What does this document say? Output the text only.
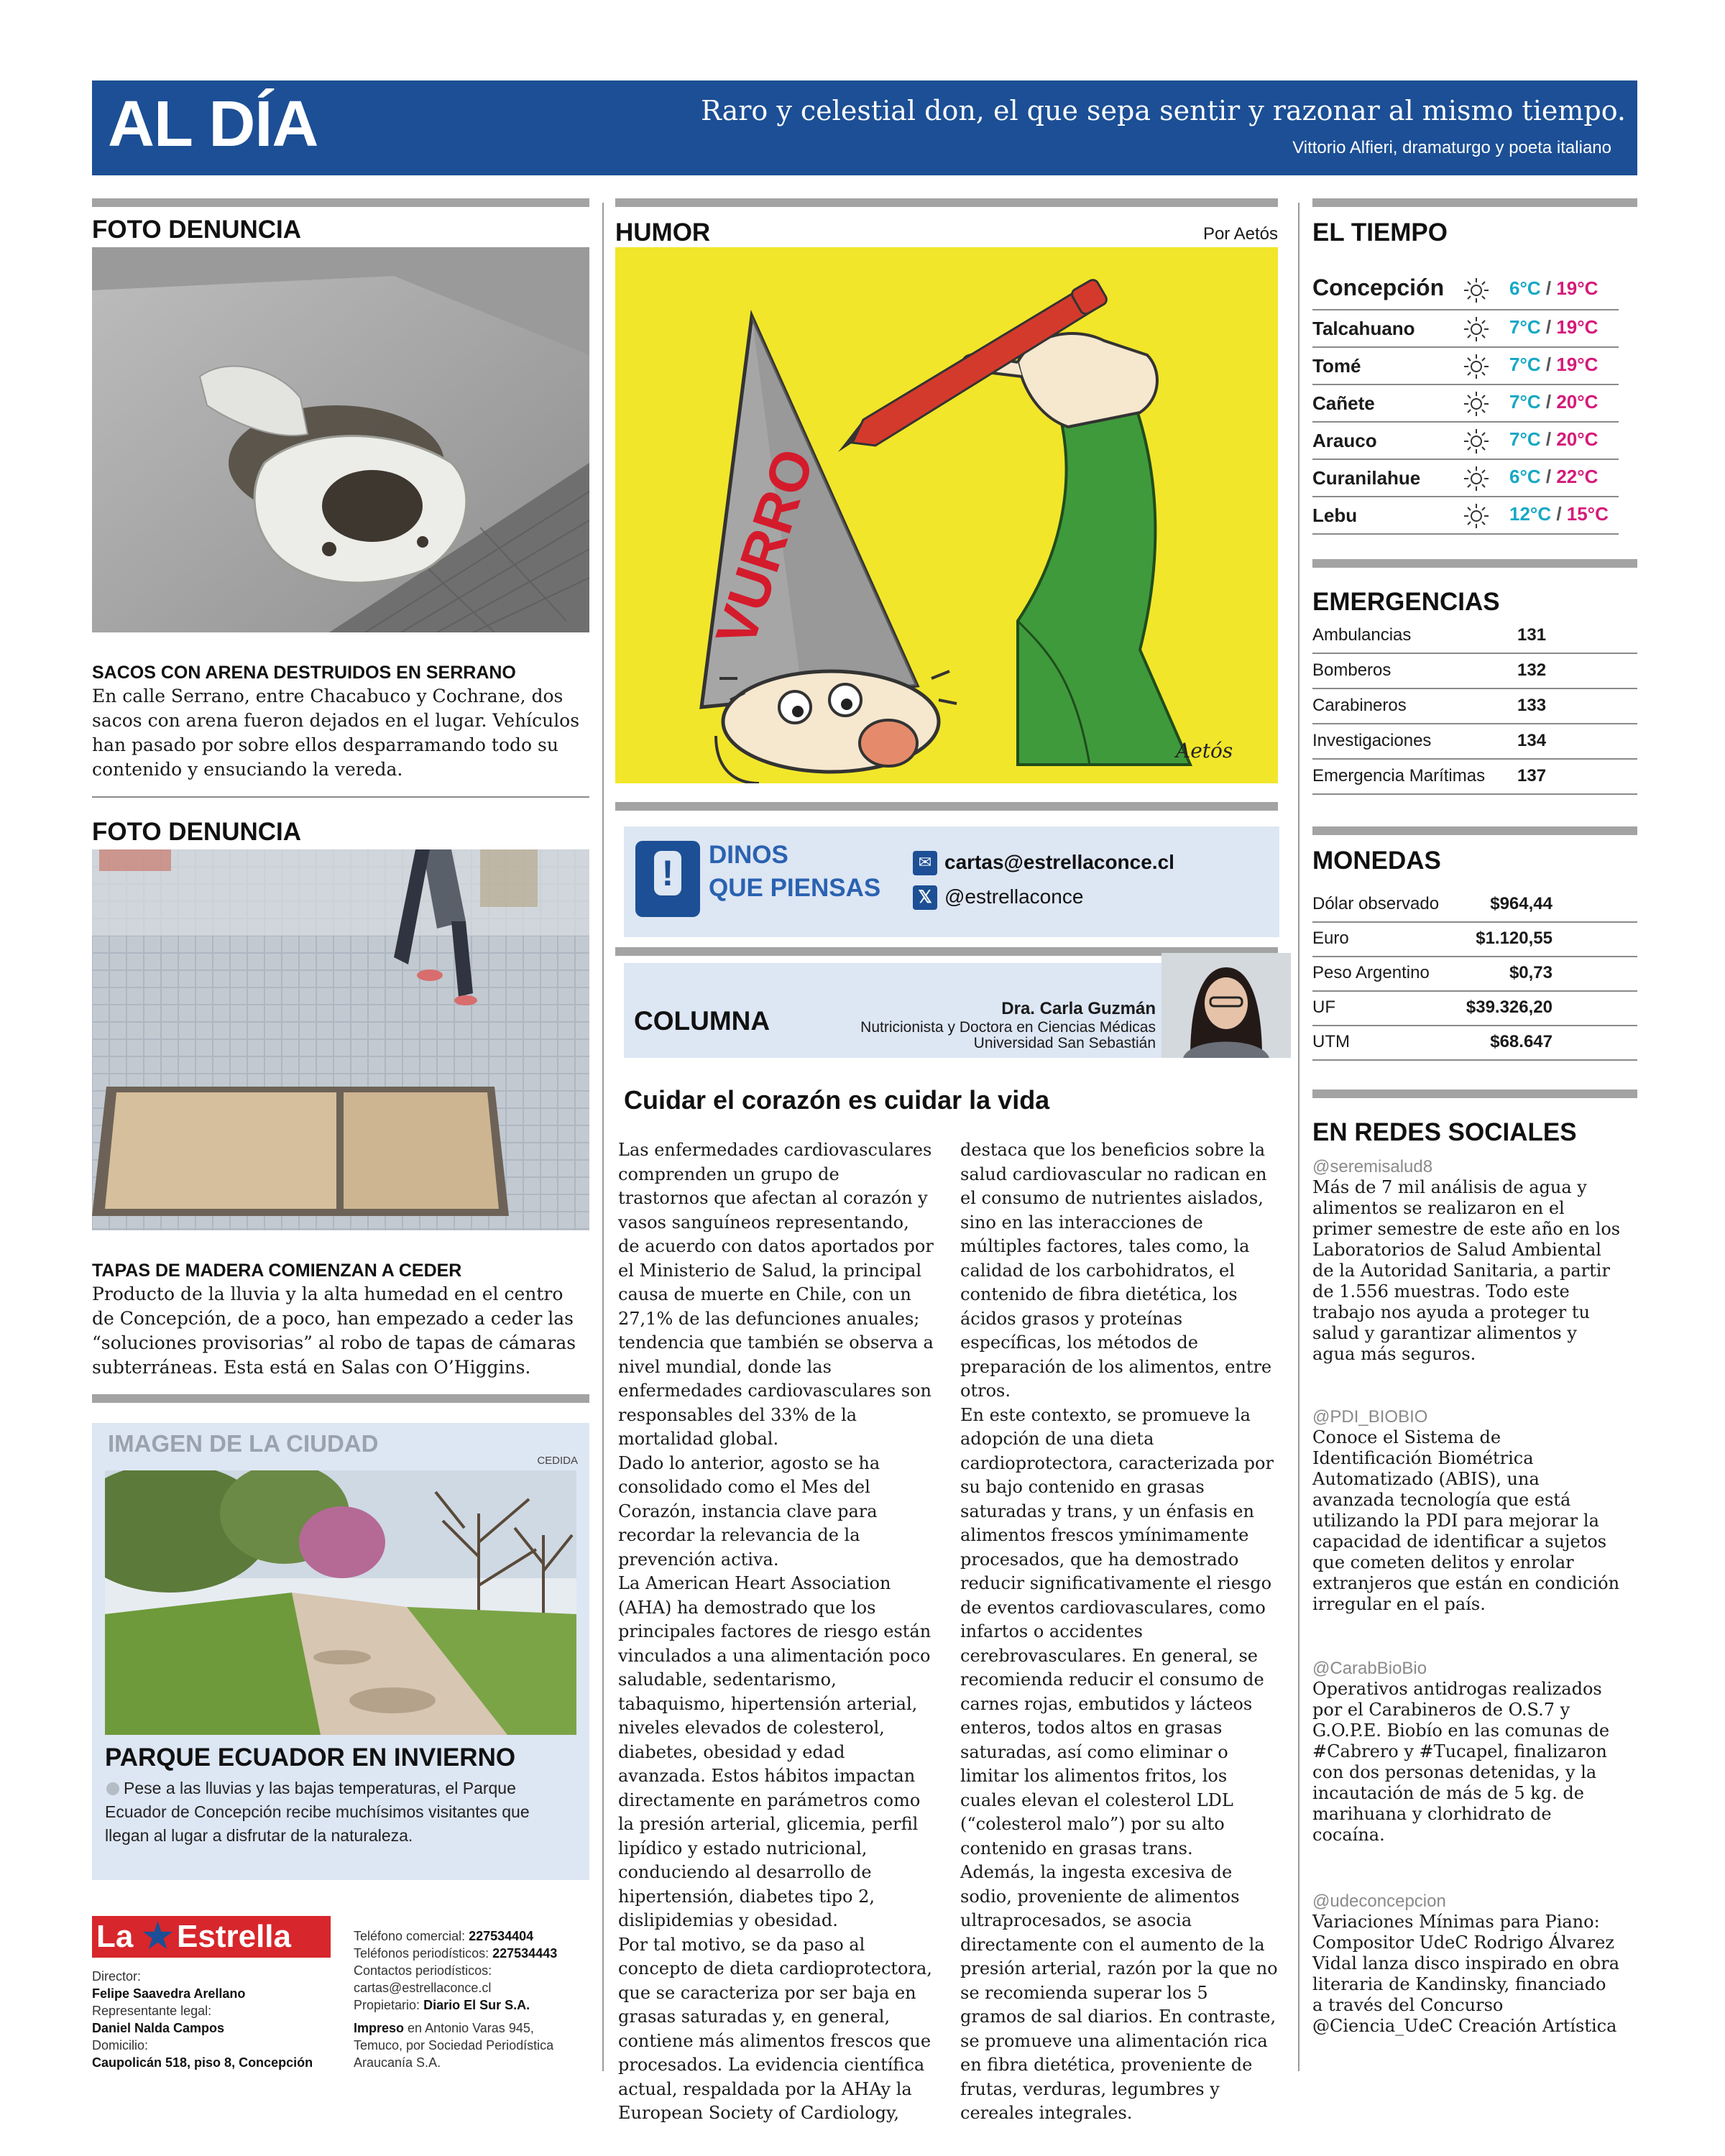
AL DÍA	Raro y celestial don, el que sepa sentir y razonar al mismo tiempo.
Vittorio Alfieri, dramaturgo y poeta italiano
FOTO DENUNCIA
SACOS CON ARENA DESTRUIDOS EN SERRANO
En calle Serrano, entre Chacabuco y Cochrane, dos sacos con arena fueron dejados en el lugar. Vehículos han pasado por sobre ellos desparramando todo su contenido y ensuciando la vereda.
FOTO DENUNCIA
TAPAS DE MADERA COMIENZAN A CEDER
Producto de la lluvia y la alta humedad en el centro de Concepción, de a poco, han empezado a ceder las “soluciones provisorias” al robo de tapas de cámaras subterráneas. Esta está en Salas con O’Higgins.
IMAGEN DE LA CIUDAD
CEDIDA
PARQUE ECUADOR EN INVIERNO
Pese a las lluvias y las bajas temperaturas, el Parque Ecuador de Concepción recibe muchísimos visitantes que llegan al lugar a disfrutar de la naturaleza.
La ★ Estrella
Director:
Felipe Saavedra Arellano
Representante legal:
Daniel Nalda Campos
Domicilio:
Caupolicán 518, piso 8, Concepción
Teléfono comercial: 227534404
Teléfonos periodísticos: 227534443
Contactos periodísticos:
cartas@estrellaconce.cl
Propietario: Diario El Sur S.A.
Impreso en Antonio Varas 945,
Temuco, por Sociedad Periodística
Araucanía S.A.
HUMOR	Por Aetós
VURRO
Aetós
!	DINOS
QUE PIENSAS
✉ cartas@estrellaconce.cl
𝕏 @estrellaconce
COLUMNA	Dra. Carla Guzmán
Nutricionista y Doctora en Ciencias Médicas
Universidad San Sebastián
Cuidar el corazón es cuidar la vida
Las enfermedades cardiovasculares comprenden un grupo de trastornos que afectan al corazón y vasos sanguíneos representando, de acuerdo con datos aportados por el Ministerio de Salud, la principal causa de muerte en Chile, con un 27,1% de las defunciones anuales; tendencia que también se observa a nivel mundial, donde las enfermedades cardiovasculares son responsables del 33% de la mortalidad global.
Dado lo anterior, agosto se ha consolidado como el Mes del Corazón, instancia clave para recordar la relevancia de la prevención activa.
La American Heart Association (AHA) ha demostrado que los principales factores de riesgo están vinculados a una alimentación poco saludable, sedentarismo, tabaquismo, hipertensión arterial, niveles elevados de colesterol, diabetes, obesidad y edad avanzada. Estos hábitos impactan directamente en parámetros como la presión arterial, glicemia, perfil lipídico y estado nutricional, conduciendo al desarrollo de hipertensión, diabetes tipo 2, dislipidemias y obesidad.
Por tal motivo, se da paso al concepto de dieta cardioprotectora, que se caracteriza por ser baja en grasas saturadas y, en general, contiene más alimentos frescos que procesados. La evidencia científica actual, respaldada por la AHAy la European Society of Cardiology,
destaca que los beneficios sobre la salud cardiovascular no radican en el consumo de nutrientes aislados, sino en las interacciones de múltiples factores, tales como, la calidad de los carbohidratos, el contenido de fibra dietética, los ácidos grasos y proteínas específicas, los métodos de preparación de los alimentos, entre otros.
En este contexto, se promueve la adopción de una dieta cardioprotectora, caracterizada por su bajo contenido en grasas saturadas y trans, y un énfasis en alimentos frescos ymínimamente procesados, que ha demostrado reducir significativamente el riesgo de eventos cardiovasculares, como infartos o accidentes cerebrovasculares. En general, se recomienda reducir el consumo de carnes rojas, embutidos y lácteos enteros, todos altos en grasas saturadas, así como eliminar o limitar los alimentos fritos, los cuales elevan el colesterol LDL (“colesterol malo”) por su alto contenido en grasas trans.
Además, la ingesta excesiva de sodio, proveniente de alimentos ultraprocesados, se asocia directamente con el aumento de la presión arterial, razón por la que no se recomienda superar los 5 gramos de sal diarios. En contraste, se promueve una alimentación rica en fibra dietética, proveniente de frutas, verduras, legumbres y cereales integrales.
EL TIEMPO
Concepción	6°C / 19°C
Talcahuano	7°C / 19°C
Tomé	7°C / 19°C
Cañete	7°C / 20°C
Arauco	7°C / 20°C
Curanilahue	6°C / 22°C
Lebu	12°C / 15°C
EMERGENCIAS
Ambulancias	131
Bomberos	132
Carabineros	133
Investigaciones	134
Emergencia Marítimas 137
MONEDAS
Dólar observado	$964,44
Euro	$1.120,55
Peso Argentino	$0,73
UF	$39.326,20
UTM	$68.647
EN REDES SOCIALES
@seremisalud8
Más de 7 mil análisis de agua y alimentos se realizaron en el primer semestre de este año en los Laboratorios de Salud Ambiental de la Autoridad Sanitaria, a partir de 1.556 muestras. Todo este trabajo nos ayuda a proteger tu salud y garantizar alimentos y agua más seguros.
@PDI_BIOBIO
Conoce el Sistema de Identificación Biométrica Automatizado (ABIS), una avanzada tecnología que está utilizando la PDI para mejorar la capacidad de identificar a sujetos que cometen delitos y enrolar extranjeros que están en condición irregular en el país.
@CarabBioBio
Operativos antidrogas realizados por el Carabineros de O.S.7 y G.O.P.E. Biobío en las comunas de #Cabrero y #Tucapel, finalizaron con dos personas detenidas, y la incautación de más de 5 kg. de marihuana y clorhidrato de cocaína.
@udeconcepcion
Variaciones Mínimas para Piano: Compositor UdeC Rodrigo Álvarez Vidal lanza disco inspirado en obra literaria de Kandinsky, financiado a través del Concurso @Ciencia_UdeC Creación Artística
